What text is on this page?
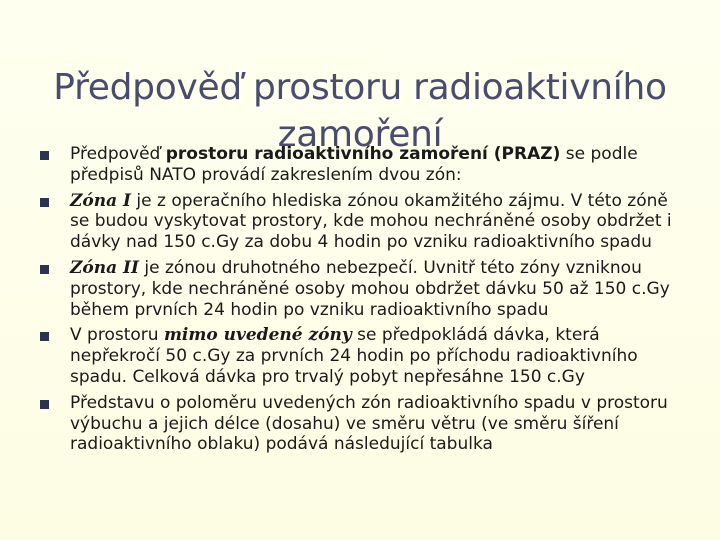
Předpověď prostoru radioaktivního zamoření
Předpověď prostoru radioaktivního zamoření (PRAZ) se podle předpisů NATO provádí zakreslením dvou zón:
Zóna I je z operačního hlediska zónou okamžitého zájmu. V této zóně se budou vyskytovat prostory, kde mohou nechráněné osoby obdržet i dávky nad 150 c.Gy za dobu 4 hodin po vzniku radioaktivního spadu
Zóna II je zónou druhotného nebezpečí. Uvnitř této zóny vzniknou prostory, kde nechráněné osoby mohou obdržet dávku 50 až 150 c.Gy během prvních 24 hodin po vzniku radioaktivního spadu
V prostoru mimo uvedené zóny se předpokládá dávka, která nepřekročí 50 c.Gy za prvních 24 hodin po příchodu radioaktivního spadu. Celková dávka pro trvalý pobyt nepřesáhne 150 c.Gy
Představu o poloměru uvedených zón radioaktivního spadu v prostoru výbuchu a jejich délce (dosahu) ve směru větru (ve směru šíření radioaktivního oblaku) podává následující tabulka
